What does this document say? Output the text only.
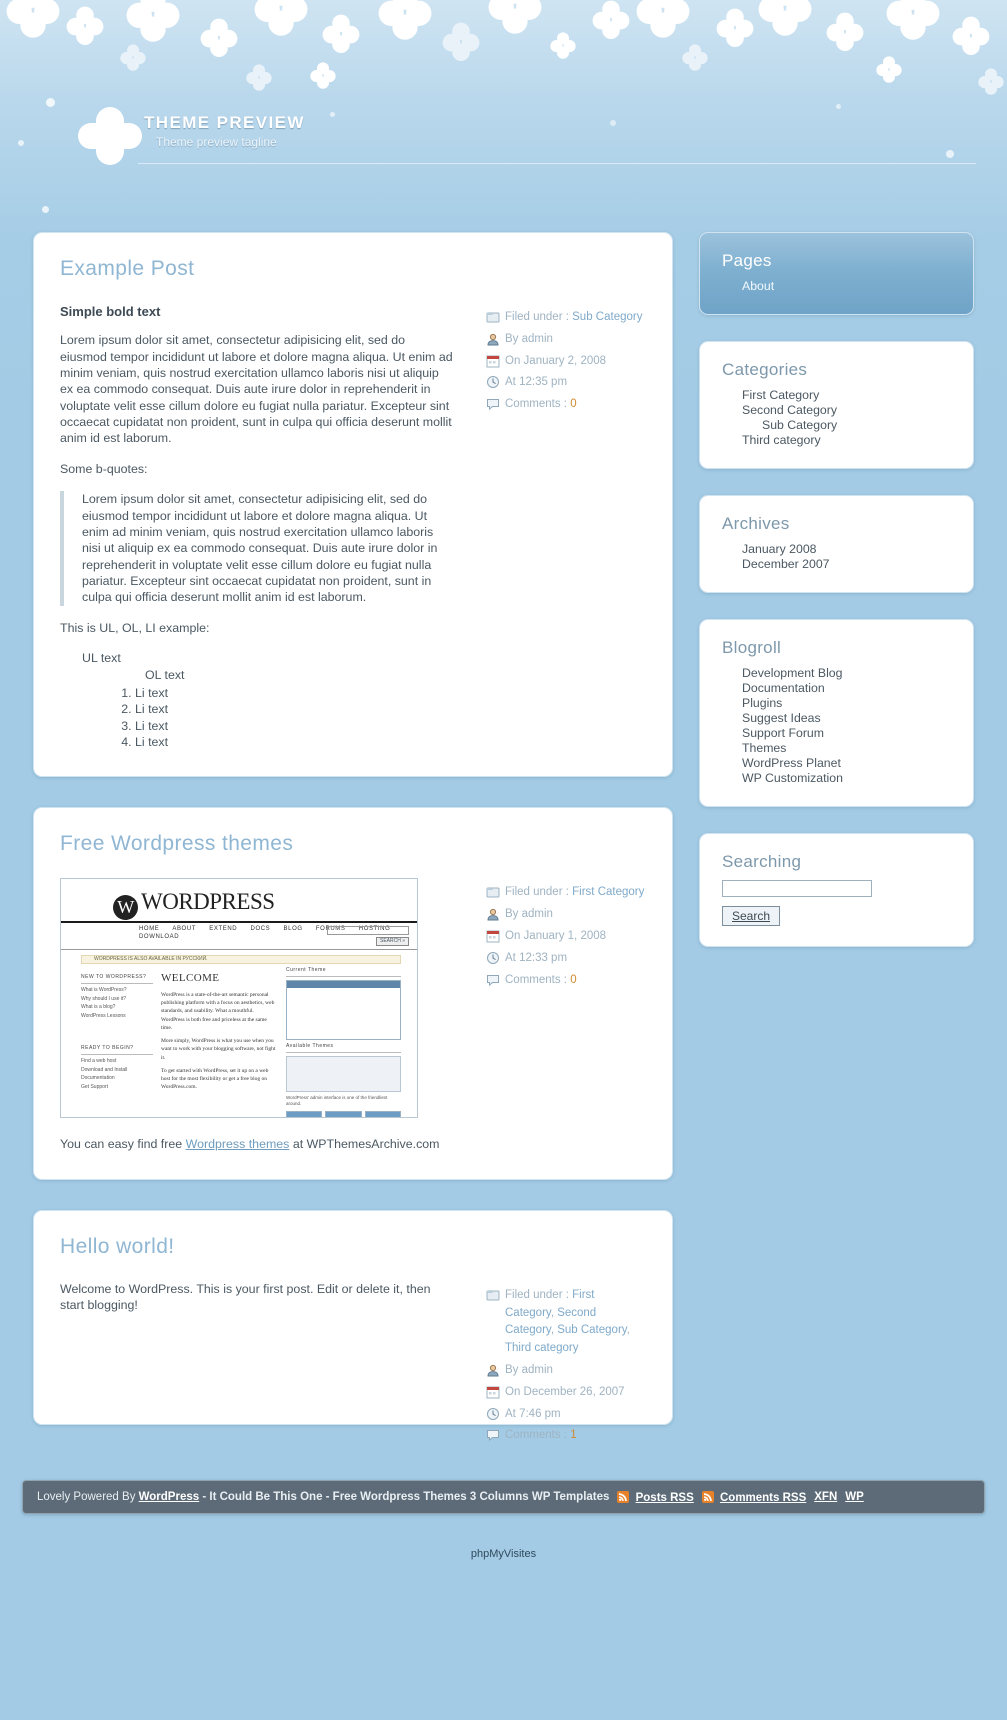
THEME PREVIEW
Theme preview tagline
Example Post
Simple bold text

Lorem ipsum dolor sit amet, consectetur adipisicing elit, sed do eiusmod tempor incididunt ut labore et dolore magna aliqua. Ut enim ad minim veniam, quis nostrud exercitation ullamco laboris nisi ut aliquip ex ea commodo consequat. Duis aute irure dolor in reprehenderit in voluptate velit esse cillum dolore eu fugiat nulla pariatur. Excepteur sint occaecat cupidatat non proident, sunt in culpa qui officia deserunt mollit anim id est laborum.

Some b-quotes:

Lorem ipsum dolor sit amet, consectetur adipisicing elit, sed do eiusmod tempor incididunt ut labore et dolore magna aliqua. Ut enim ad minim veniam, quis nostrud exercitation ullamco laboris nisi ut aliquip ex ea commodo consequat. Duis aute irure dolor in reprehenderit in voluptate velit esse cillum dolore eu fugiat nulla pariatur. Excepteur sint occaecat cupidatat non proident, sunt in culpa qui officia deserunt mollit anim id est laborum.

This is UL, OL, LI example:

UL text
OL text
1. Li text
2. Li text
3. Li text
4. Li text
Filed under : Sub Category
By admin
On January 2, 2008
At 12:35 pm
Comments : 0
Free Wordpress themes
W WORDPRESS
HOME ABOUT EXTEND DOCS BLOG FORUMS HOSTING DOWNLOAD
SEARCH »
WORDPRESS IS ALSO AVAILABLE IN РУССКИЙ.
NEW TO WORDPRESS?
What is WordPress?
Why should I use it?
What is a blog?
WordPress Lessons
READY TO BEGIN?
Find a web host
Download and Install
Documentation
Get Support
WELCOME
WordPress is a state-of-the-art semantic personal publishing platform with a focus on aesthetics, web standards, and usability. What a mouthful. WordPress is both free and priceless at the same time.
More simply, WordPress is what you use when you want to work with your blogging software, not fight it.
To get started with WordPress, set it up on a web host for the most flexibility or get a free blog on WordPress.com.
Current Theme
Available Themes
WordPress' admin interface is one of the friendliest around.
You can easy find free Wordpress themes at WPThemesArchive.com
Filed under : First Category
By admin
On January 1, 2008
At 12:33 pm
Comments : 0
Hello world!

Welcome to WordPress. This is your first post. Edit or delete it, then start blogging!

Filed under : First Category, Second Category, Sub Category, Third category
By admin
On December 26, 2007
At 7:46 pm
Comments : 1
Pages
About
Categories
First Category
Second Category
Sub Category
Third category
Archives
January 2008
December 2007
Blogroll
Development Blog
Documentation
Plugins
Suggest Ideas
Support Forum
Themes
WordPress Planet
WP Customization
Searching
Search
Lovely Powered By WordPress - It Could Be This One - Free Wordpress Themes 3 Columns WP Templates	Posts RSS	Comments RSS XFN WP
phpMyVisites
